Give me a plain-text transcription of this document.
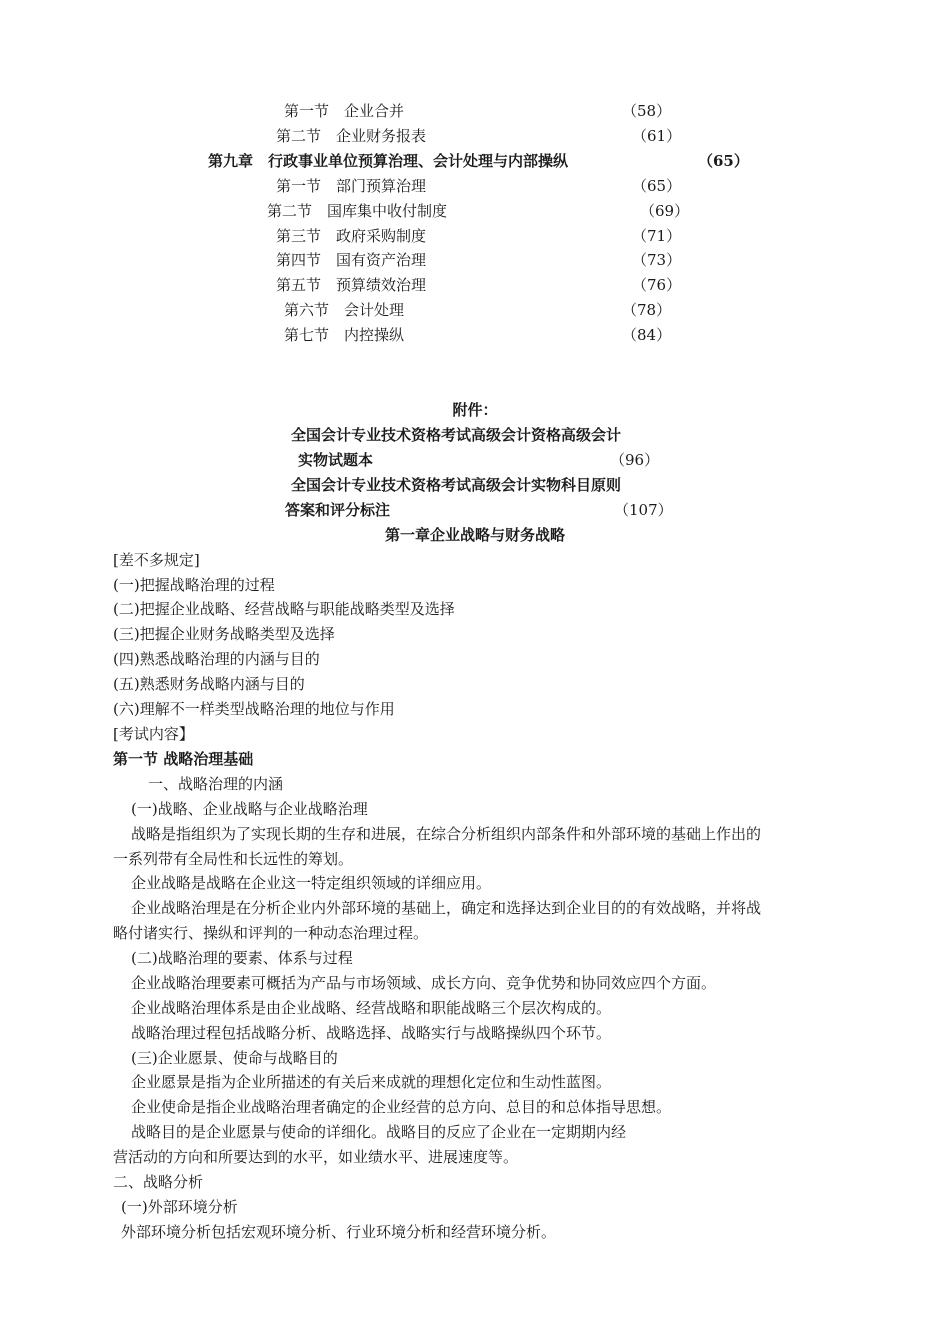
第一节　企业合并	（58）
第二节　企业财务报表	（61）
第九章　行政事业单位预算治理、会计处理与内部操纵	（65）
第一节　部门预算治理	（65）
第二节　国库集中收付制度	（69）
第三节　政府采购制度	（71）
第四节　国有资产治理	（73）
第五节　预算绩效治理	（76）
第六节　会计处理	（78）
第七节　内控操纵	（84）
附件：
全国会计专业技术资格考试高级会计资格高级会计
实物试题本	（96）
全国会计专业技术资格考试高级会计实物科目原则
答案和评分标注	（107）
第一章企业战略与财务战略
[差不多规定]
(一)把握战略治理的过程
(二)把握企业战略、经营战略与职能战略类型及选择
(三)把握企业财务战略类型及选择
(四)熟悉战略治理的内涵与目的
(五)熟悉财务战略内涵与目的
(六)理解不一样类型战略治理的地位与作用
[考试内容】
第一节 战略治理基础
一、战略治理的内涵
(一)战略、企业战略与企业战略治理
战略是指组织为了实现长期的生存和进展，在综合分析组织内部条件和外部环境的基础上作出的
一系列带有全局性和长远性的筹划。
企业战略是战略在企业这一特定组织领域的详细应用。
企业战略治理是在分析企业内外部环境的基础上，确定和选择达到企业目的的有效战略，并将战
略付诸实行、操纵和评判的一种动态治理过程。
(二)战略治理的要素、体系与过程
企业战略治理要素可概括为产品与市场领域、成长方向、竞争优势和协同效应四个方面。
企业战略治理体系是由企业战略、经营战略和职能战略三个层次构成的。
战略治理过程包括战略分析、战略选择、战略实行与战略操纵四个环节。
(三)企业愿景、使命与战略目的
企业愿景是指为企业所描述的有关后来成就的理想化定位和生动性蓝图。
企业使命是指企业战略治理者确定的企业经营的总方向、总目的和总体指导思想。
战略目的是企业愿景与使命的详细化。战略目的反应了企业在一定期期内经
营活动的方向和所要达到的水平，如业绩水平、进展速度等。
二、战略分析
(一)外部环境分析
外部环境分析包括宏观环境分析、行业环境分析和经营环境分析。
